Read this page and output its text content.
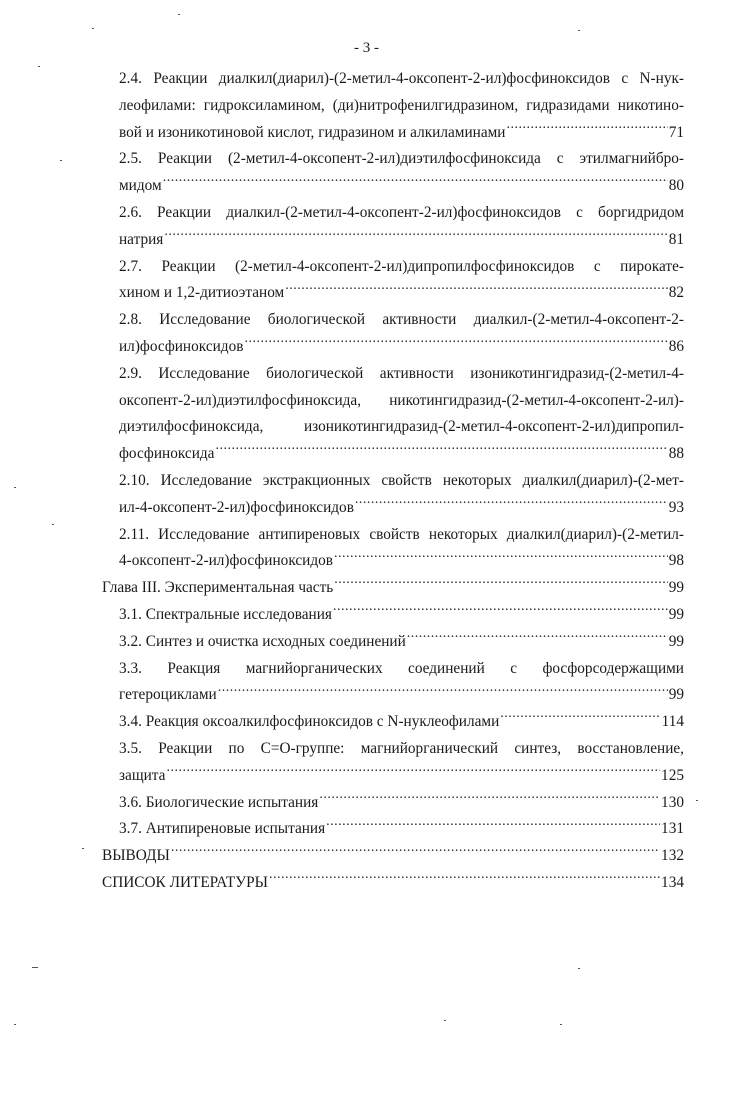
- 3 -
2.4. Реакции диалкил(диарил)-(2-метил-4-оксопент-2-ил)фосфиноксидов с N-нук-
леофилами: гидроксиламином, (ди)нитрофенилгидразином, гидразидами никотино-
вой и изоникотиновой кислот, гидразином и алкиламинами .....	71
2.5. Реакции (2-метил-4-оксопент-2-ил)диэтилфосфиноксида с этилмагнийбро-
мидом .....	80
2.6. Реакции диалкил-(2-метил-4-оксопент-2-ил)фосфиноксидов с боргидридом
натрия .....	81
2.7. Реакции (2-метил-4-оксопент-2-ил)дипропилфосфиноксидов с пирокате-
хином и 1,2-дитиоэтаном .....	82
2.8. Исследование биологической активности диалкил-(2-метил-4-оксопент-2-
ил)фосфиноксидов .....	86
2.9. Исследование биологической активности изоникотингидразид-(2-метил-4-
оксопент-2-ил)диэтилфосфиноксида, никотингидразид-(2-метил-4-оксопент-2-ил)-
диэтилфосфиноксида, изоникотингидразид-(2-метил-4-оксопент-2-ил)дипропил-
фосфиноксида .....	88
2.10. Исследование экстракционных свойств некоторых диалкил(диарил)-(2-мет-
ил-4-оксопент-2-ил)фосфиноксидов .....	93
2.11. Исследование антипиреновых свойств некоторых диалкил(диарил)-(2-метил-
4-оксопент-2-ил)фосфиноксидов .....	98
Глава III. Экспериментальная часть .....	99
3.1. Спектральные исследования .....	99
3.2. Синтез и очистка исходных соединений .....	99
3.3. Реакция магнийорганических соединений с фосфорсодержащими
гетероциклами .....	99
3.4. Реакция оксоалкилфосфиноксидов с N-нуклеофилами .....	114
3.5. Реакции по С=О-группе: магнийорганический синтез, восстановление,
защита .....	125
3.6. Биологические испытания .....	130
3.7. Антипиреновые испытания .....	131
ВЫВОДЫ .....	132
СПИСОК ЛИТЕРАТУРЫ .....	134
